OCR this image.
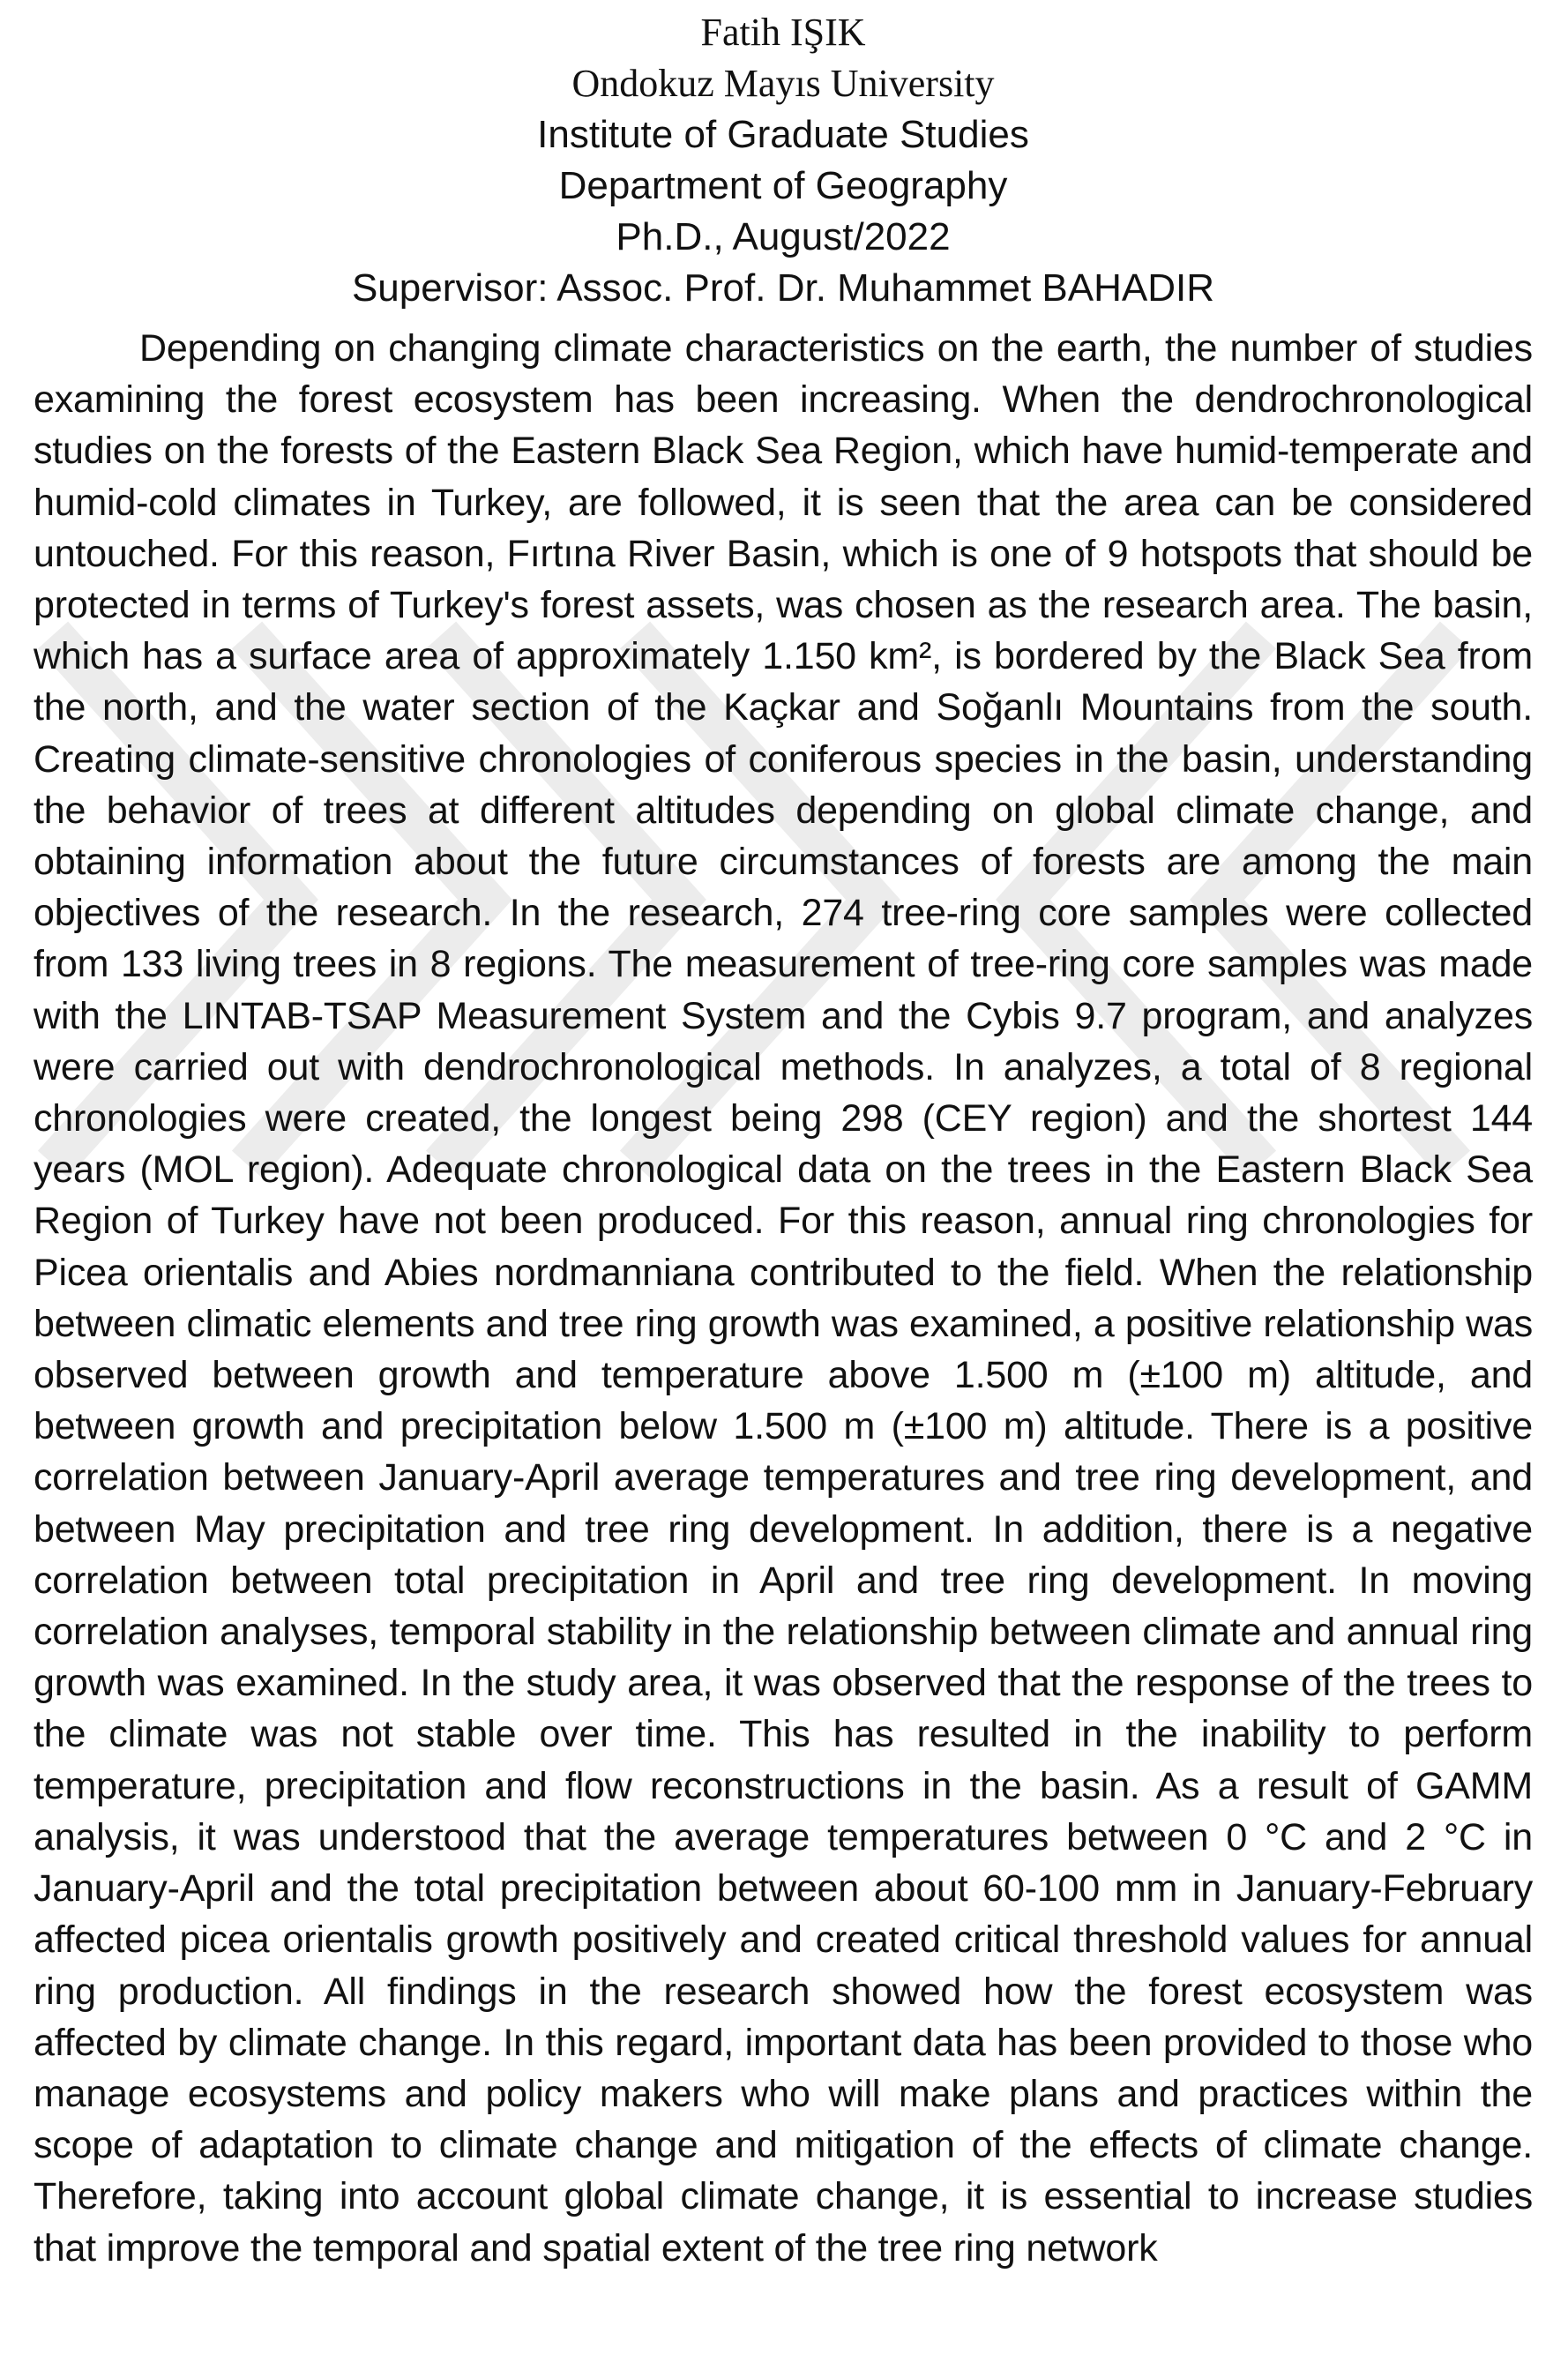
Fatih IŞIK
Ondokuz Mayıs University
Institute of Graduate Studies
Department of Geography
Ph.D., August/2022
Supervisor: Assoc. Prof. Dr. Muhammet BAHADIR

Depending on changing climate characteristics on the earth, the number of studies examining the forest ecosystem has been increasing. When the dendrochronological studies on the forests of the Eastern Black Sea Region, which have humid-temperate and humid-cold climates in Turkey, are followed, it is seen that the area can be considered untouched. For this reason, Fırtına River Basin, which is one of 9 hotspots that should be protected in terms of Turkey's forest assets, was chosen as the research area. The basin, which has a surface area of approximately 1.150 km², is bordered by the Black Sea from the north, and the water section of the Kaçkar and Soğanlı Mountains from the south. Creating climate-sensitive chronologies of coniferous species in the basin, understanding the behavior of trees at different altitudes depending on global climate change, and obtaining information about the future circumstances of forests are among the main objectives of the research. In the research, 274 tree-ring core samples were collected from 133 living trees in 8 regions. The measurement of tree-ring core samples was made with the LINTAB-TSAP Measurement System and the Cybis 9.7 program, and analyzes were carried out with dendrochronological methods. In analyzes, a total of 8 regional chronologies were created, the longest being 298 (CEY region) and the shortest 144 years (MOL region). Adequate chronological data on the trees in the Eastern Black Sea Region of Turkey have not been produced. For this reason, annual ring chronologies for Picea orientalis and Abies nordmanniana contributed to the field. When the relationship between climatic elements and tree ring growth was examined, a positive relationship was observed between growth and temperature above 1.500 m (±100 m) altitude, and between growth and precipitation below 1.500 m (±100 m) altitude. There is a positive correlation between January-April average temperatures and tree ring development, and between May precipitation and tree ring development. In addition, there is a negative correlation between total precipitation in April and tree ring development. In moving correlation analyses, temporal stability in the relationship between climate and annual ring growth was examined. In the study area, it was observed that the response of the trees to the climate was not stable over time. This has resulted in the inability to perform temperature, precipitation and flow reconstructions in the basin. As a result of GAMM analysis, it was understood that the average temperatures between 0 °C and 2 °C in January-April and the total precipitation between about 60-100 mm in January-February affected picea orientalis growth positively and created critical threshold values for annual ring production. All findings in the research showed how the forest ecosystem was affected by climate change. In this regard, important data has been provided to those who manage ecosystems and policy makers who will make plans and practices within the scope of adaptation to climate change and mitigation of the effects of climate change. Therefore, taking into account global climate change, it is essential to increase studies that improve the temporal and spatial extent of the tree ring network
